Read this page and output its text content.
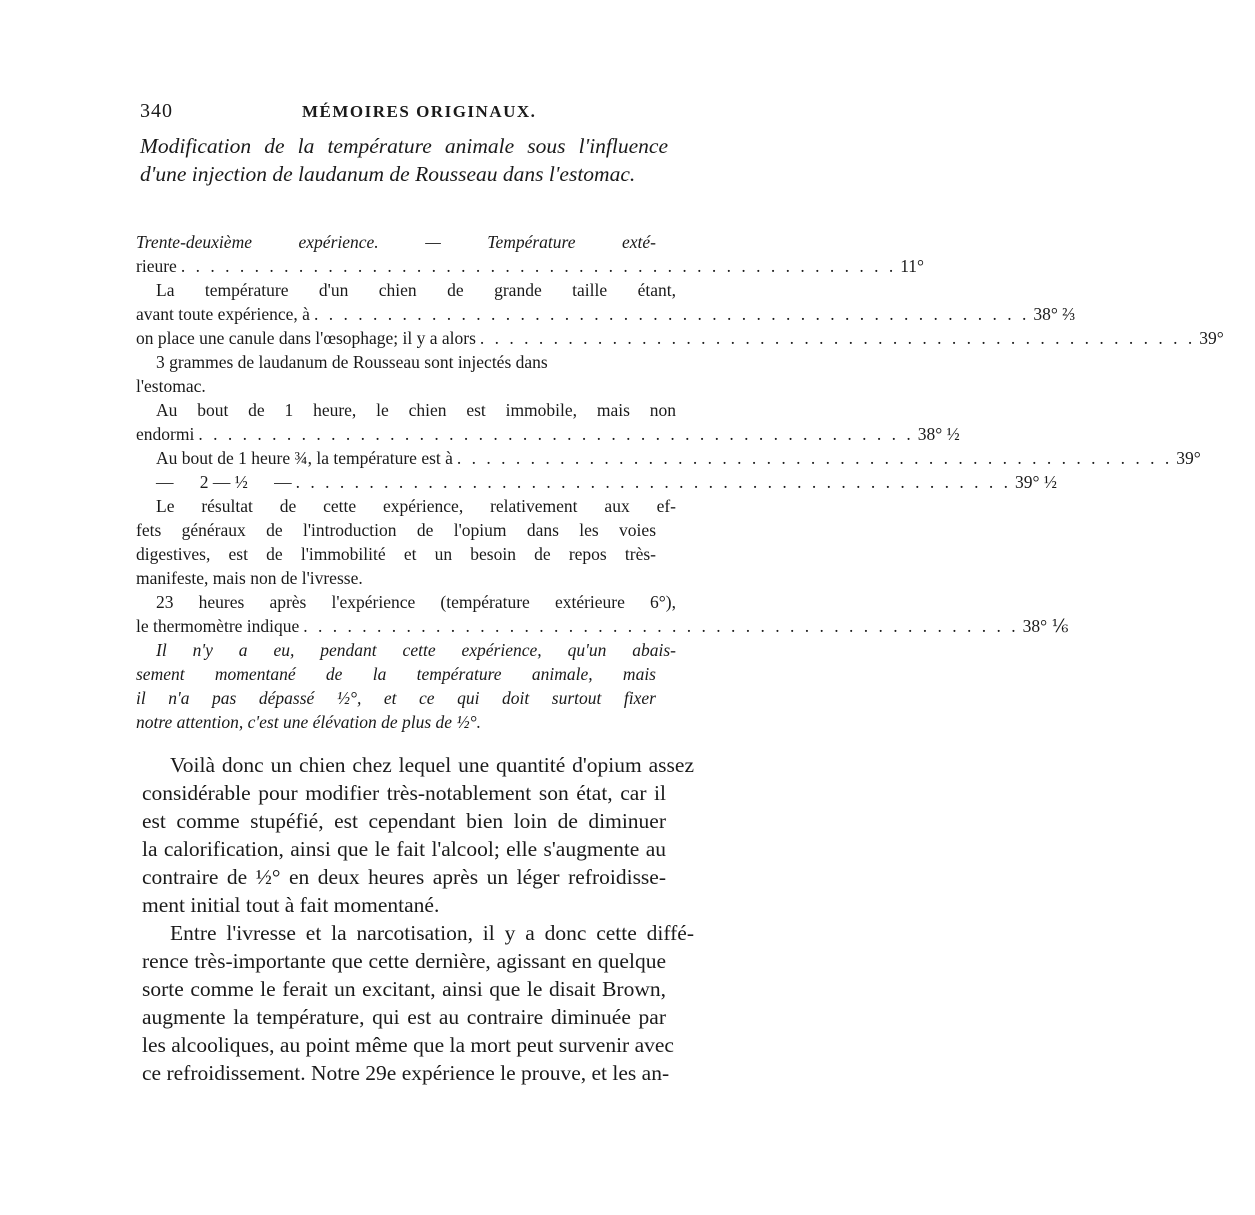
340	MÉMOIRES ORIGINAUX.
Modification de la température animale sous l'influence d'une injection de laudanum de Rousseau dans l'estomac.
Trente-deuxième expérience. — Température exté-
rieure . . . . . . . . . . . . . . . . . . . . . . . . . . . . . . . . . . . . . . . . . . . . . . . . . 11°
La température d'un chien de grande taille étant,
avant toute expérience, à . . . . . . . . . . . . . . . . . . . . . . . . . . . . . . . . . . . . . . . . . . . . . . . . . 38° ⅔
on place une canule dans l'œsophage; il y a alors . . . . . . . . . . . . . . . . . . . . . . . . . . . . . . . . . . . . . . . . . . . . . . . . . 39°
3 grammes de laudanum de Rousseau sont injectés dans
l'estomac.
Au bout de 1 heure, le chien est immobile, mais non
endormi . . . . . . . . . . . . . . . . . . . . . . . . . . . . . . . . . . . . . . . . . . . . . . . . . 38° ½
Au bout de 1 heure ¾, la température est à . . . . . . . . . . . . . . . . . . . . . . . . . . . . . . . . . . . . . . . . . . . . . . . . . 39°
—      2 — ½      — . . . . . . . . . . . . . . . . . . . . . . . . . . . . . . . . . . . . . . . . . . . . . . . . . 39° ½
Le résultat de cette expérience, relativement aux ef-
fets généraux de l'introduction de l'opium dans les voies
digestives, est de l'immobilité et un besoin de repos très-
manifeste, mais non de l'ivresse.
23 heures après l'expérience (température extérieure 6°),
le thermomètre indique . . . . . . . . . . . . . . . . . . . . . . . . . . . . . . . . . . . . . . . . . . . . . . . . . 38° ⅙
Il n'y a eu, pendant cette expérience, qu'un abais-
sement momentané de la température animale, mais
il n'a pas dépassé ½°, et ce qui doit surtout fixer
notre attention, c'est une élévation de plus de ½°.
Voilà donc un chien chez lequel une quantité d'opium assez
considérable pour modifier très-notablement son état, car il
est comme stupéfié, est cependant bien loin de diminuer
la calorification, ainsi que le fait l'alcool; elle s'augmente au
contraire de ½° en deux heures après un léger refroidisse-
ment initial tout à fait momentané.
Entre l'ivresse et la narcotisation, il y a donc cette diffé-
rence très-importante que cette dernière, agissant en quelque
sorte comme le ferait un excitant, ainsi que le disait Brown,
augmente la température, qui est au contraire diminuée par
les alcooliques, au point même que la mort peut survenir avec
ce refroidissement. Notre 29e expérience le prouve, et les an-
